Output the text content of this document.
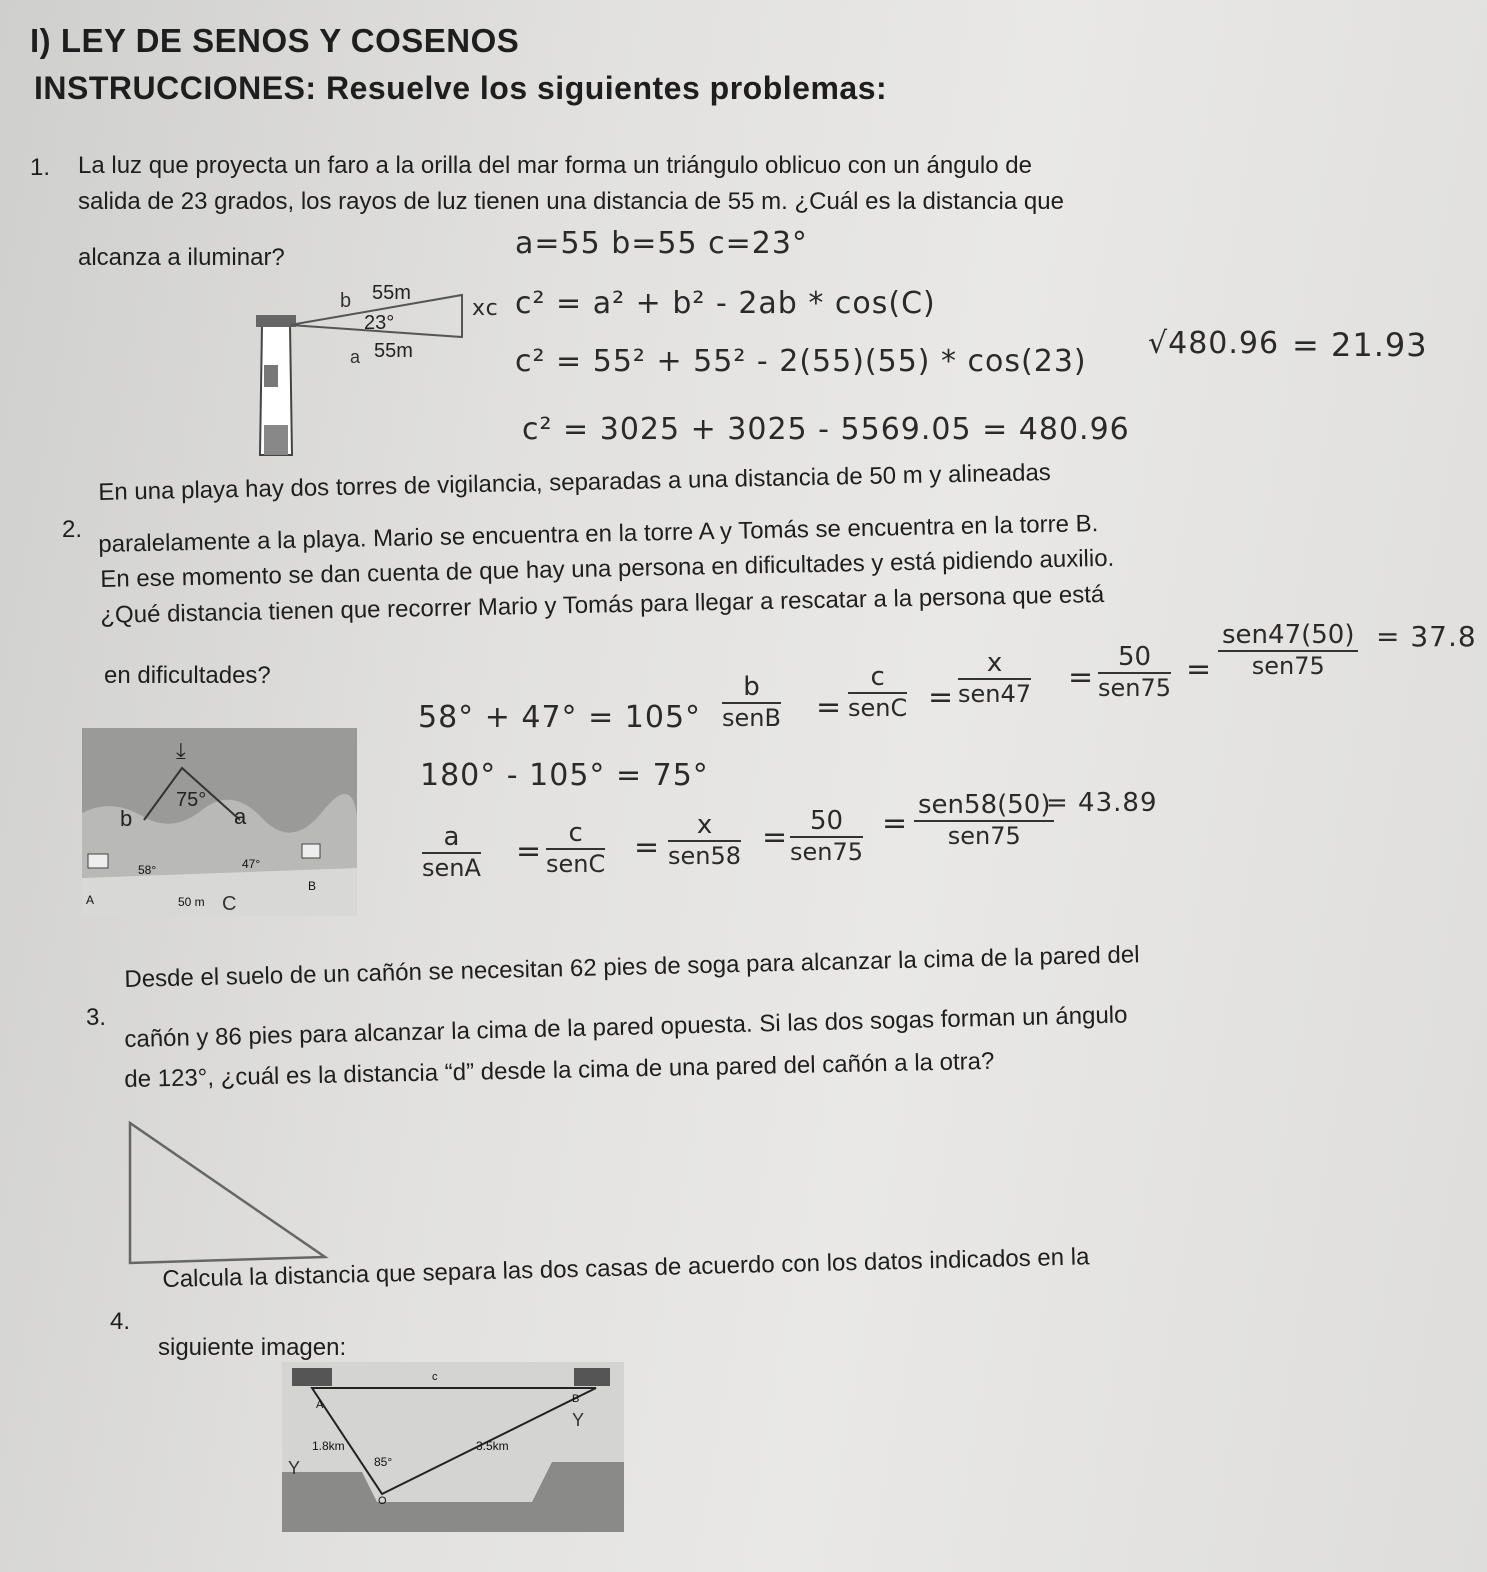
I) LEY DE SENOS Y COSENOS
INSTRUCCIONES: Resuelve los siguientes problemas:
1. La luz que proyecta un faro a la orilla del mar forma un triángulo oblicuo con un ángulo de
salida de 23 grados, los rayos de luz tienen una distancia de 55 m. ¿Cuál es la distancia que
alcanza a iluminar?
b 55m
23°
a 55m
xc
a=55 b=55 c=23°
c² = a² + b² - 2ab * cos(C)
c² = 55² + 55² - 2(55)(55) * cos(23)
c² = 3025 + 3025 - 5569.05 = 480.96
√480.96 = 21.93
2.
En una playa hay dos torres de vigilancia, separadas a una distancia de 50 m y alineadas
paralelamente a la playa. Mario se encuentra en la torre A y Tomás se encuentra en la torre B.
En ese momento se dan cuenta de que hay una persona en dificultades y está pidiendo auxilio.
¿Qué distancia tienen que recorrer Mario y Tomás para llegar a rescatar a la persona que está
en dificultades?
⤓
75°
b	a
58°	47°
A
B
50 m C
b
senB =
c
senC =
x
sen47 =
50
sen75
=
sen47(50)
sen75
= 37.8
58° + 47° = 105°
180° - 105° = 75°
a
senA =
c
senC =
x
sen58
= 50
sen75
=
sen58(50)
sen75
= 43.89
3.
Desde el suelo de un cañón se necesitan 62 pies de soga para alcanzar la cima de la pared del
cañón y 86 pies para alcanzar la cima de la pared opuesta. Si las dos sogas forman un ángulo
de 123°, ¿cuál es la distancia “d” desde la cima de una pared del cañón a la otra?
4.
Calcula la distancia que separa las dos casas de acuerdo con los datos indicados en la
siguiente imagen:
c
A	B
1.8km	3.5km
85°
O
Y
Y
